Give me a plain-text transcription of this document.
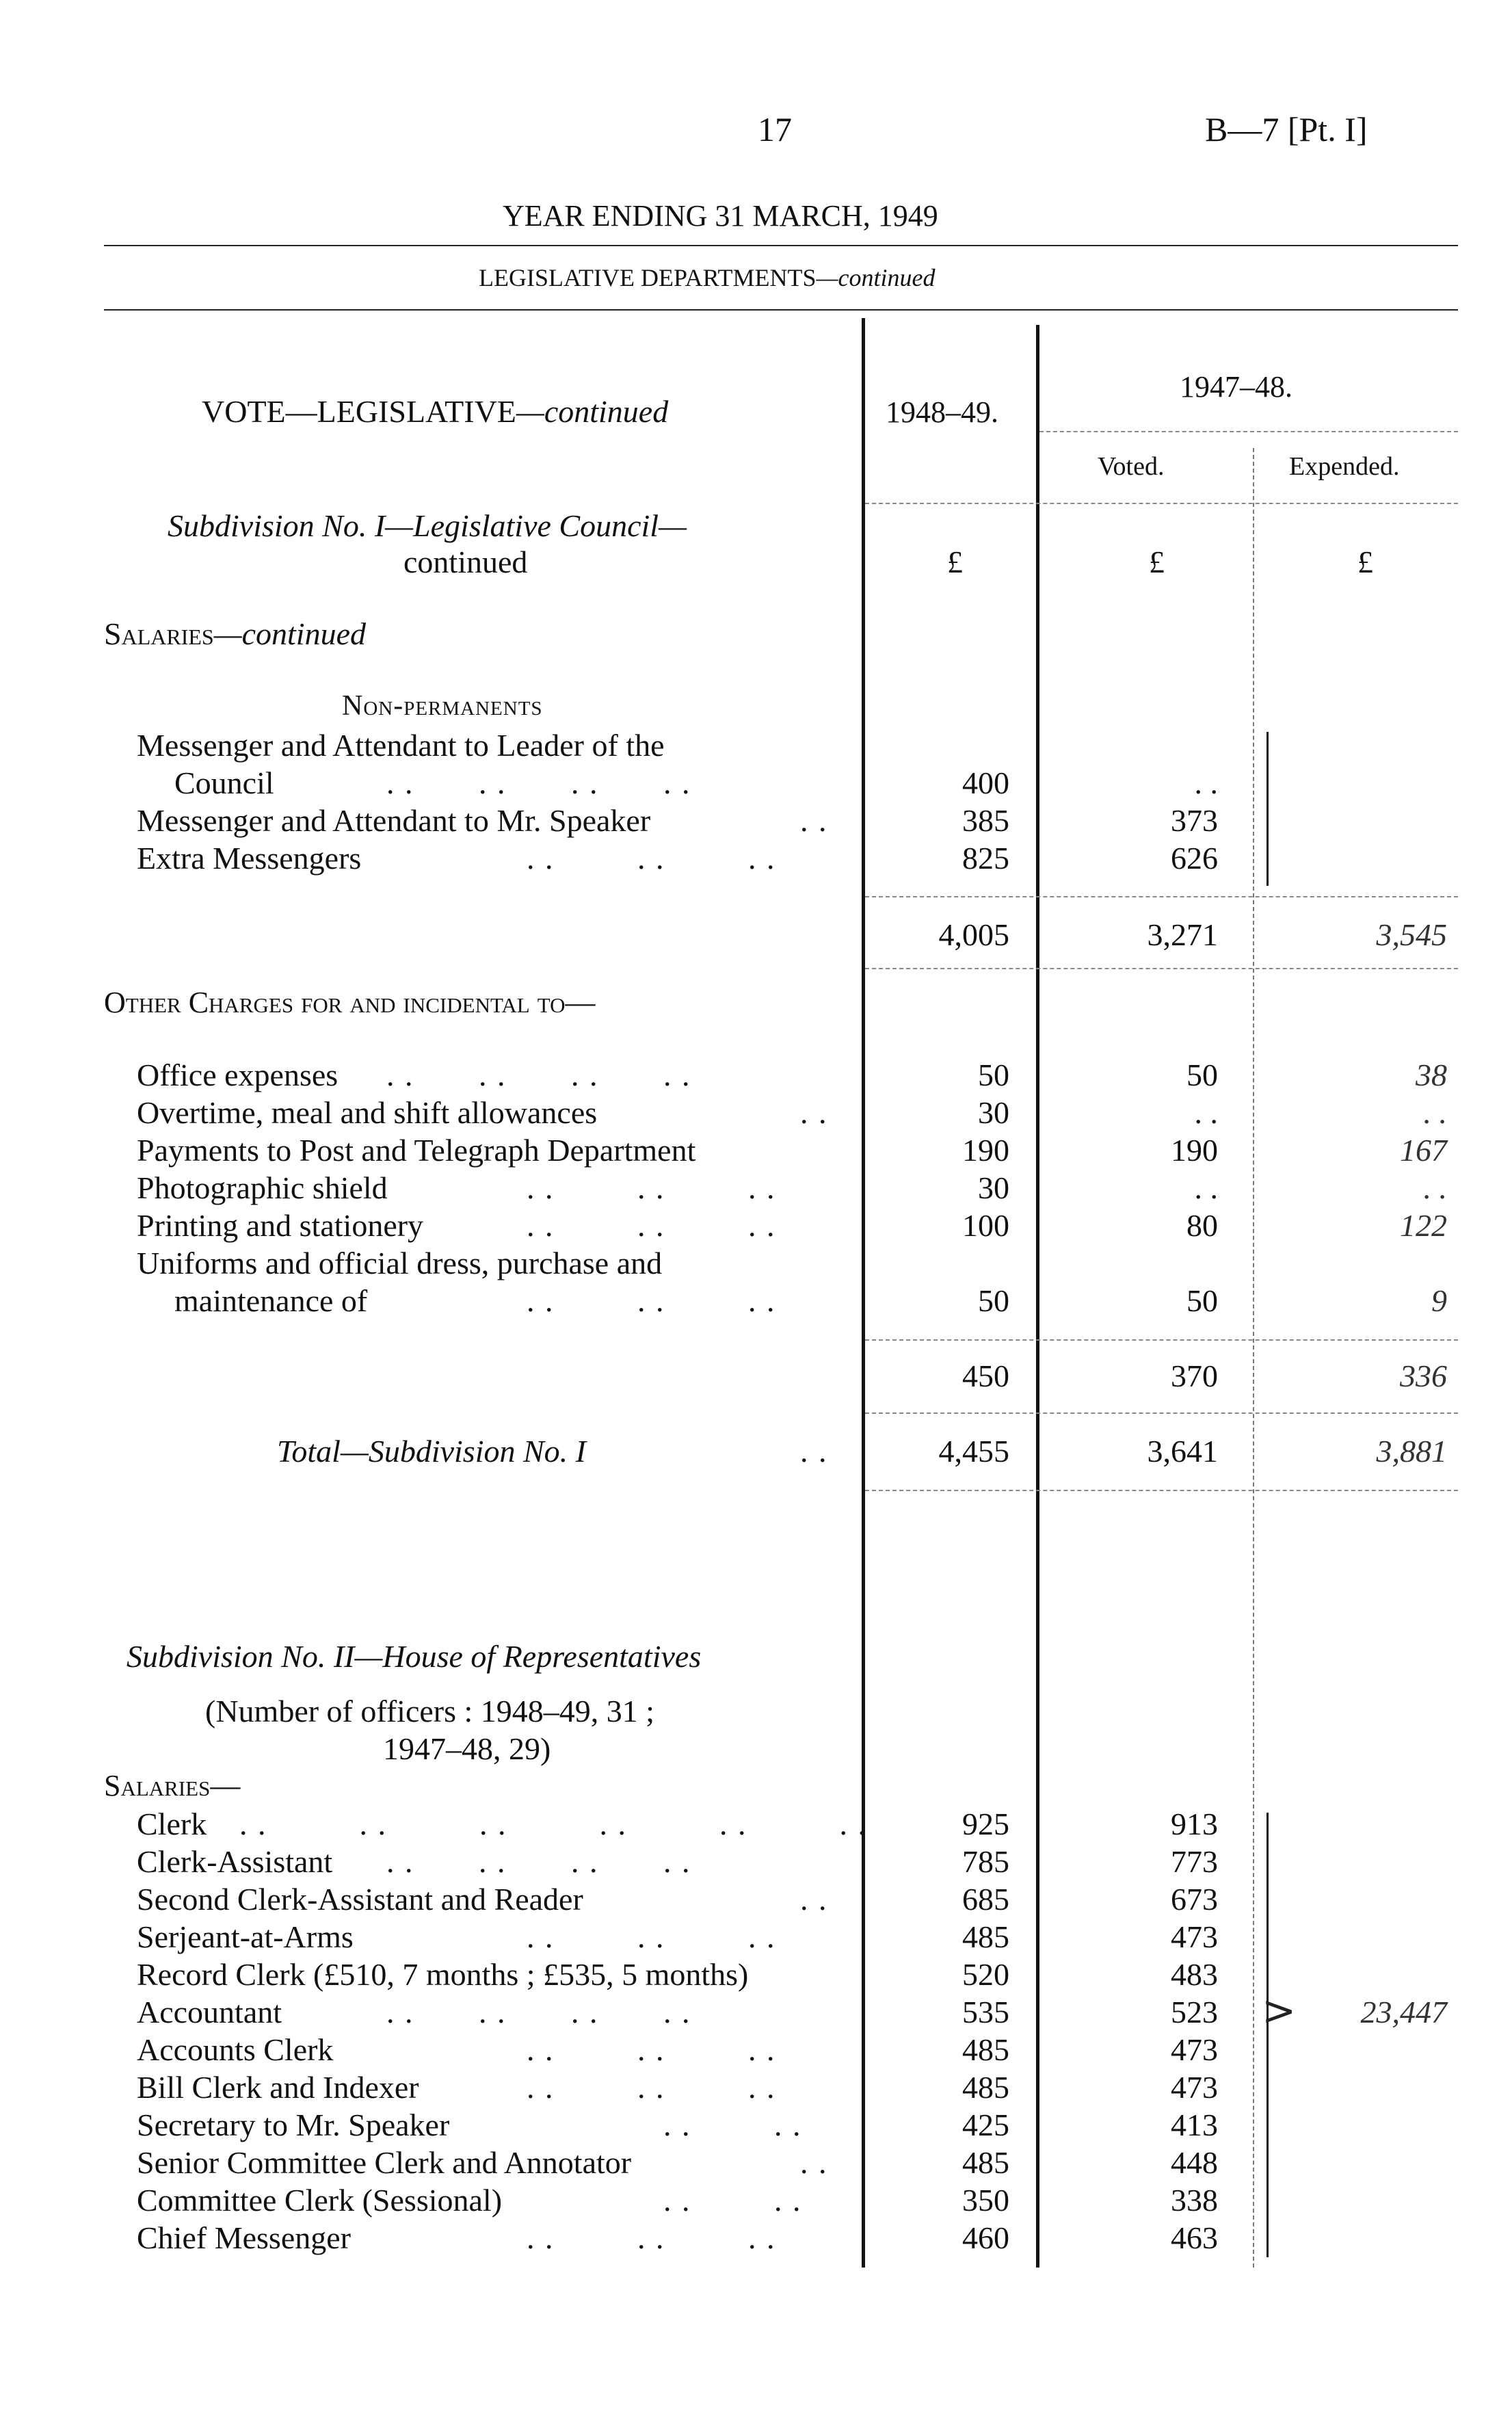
17	B—7 [Pt. I]
YEAR ENDING 31 MARCH, 1949
LEGISLATIVE DEPARTMENTS—continued
VOTE—LEGISLATIVE—continued	1948–49.
1947–48.
Voted.	Expended.
£	£	£
Subdivision No. I—Legislative Council—
continued
Salaries—continued
Non-permanents
Messenger and Attendant to Leader of the
Council	. .       . .       . .       . .	400	. .
Messenger and Attendant to Mr. Speaker	. .	385	373
Extra Messengers	. .         . .         . .	825	626
4,005	3,271	3,545
Other Charges for and incidental to—
Office expenses . .       . .       . .       . .	50	50	38
Overtime, meal and shift allowances	. .	30	. .	. .
Payments to Post and Telegraph Department	190	190	167
Photographic shield	. .         . .         . .	30	. .	. .
Printing and stationery	. .         . .         . .	100	80	122
Uniforms and official dress, purchase and
maintenance of	. .         . .         . .	50	50	9
450	370	336
Total—Subdivision No. I	. .	4,455	3,641	3,881
Subdivision No. II—House of Representatives
(Number of officers : 1948–49, 31 ;
1947–48, 29)
Salaries—
Clerk . .          . .          . .          . .          . .          . .	925	913
Clerk-Assistant . .       . .       . .       . .	785	773
Second Clerk-Assistant and Reader	. .	685	673
Serjeant-at-Arms	. .         . .         . .	485	473
Record Clerk (£510, 7 months ; £535, 5 months)	520	483
Accountant	. .       . .       . .       . .	535	523
Accounts Clerk	. .         . .         . .	485	473
Bill Clerk and Indexer	. .         . .         . .	485	473
Secretary to Mr. Speaker	. .         . .	425	413
Senior Committee Clerk and Annotator	. .	485	448
Committee Clerk (Sessional)	. .         . .	350	338
Chief Messenger	. .         . .         . .	460	463
> 23,447
